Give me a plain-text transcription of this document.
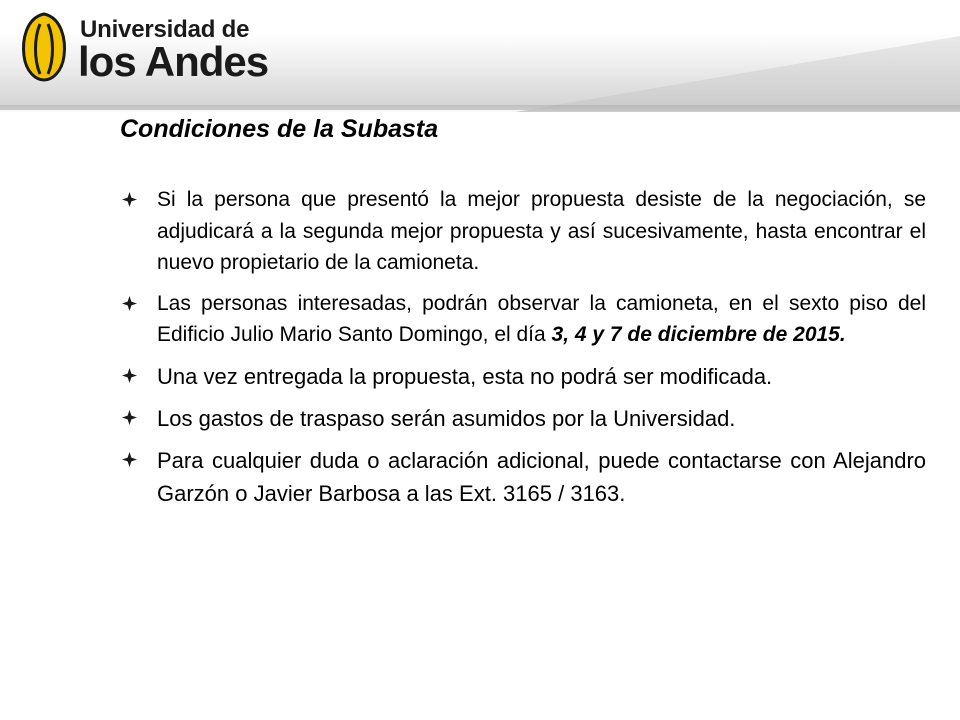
Universidad de
los Andes
Condiciones de la Subasta
Si la persona que presentó la mejor propuesta desiste de la negociación, se adjudicará a la segunda mejor propuesta y así sucesivamente, hasta encontrar el nuevo propietario de la camioneta.
Las personas interesadas, podrán observar la camioneta, en el sexto piso del Edificio Julio Mario Santo Domingo, el día 3, 4 y 7 de diciembre de 2015.
Una vez entregada la propuesta, esta no podrá ser modificada.
Los gastos de traspaso serán asumidos por la Universidad.
Para cualquier duda o aclaración adicional, puede contactarse con Alejandro Garzón o Javier Barbosa a las Ext. 3165 / 3163.
